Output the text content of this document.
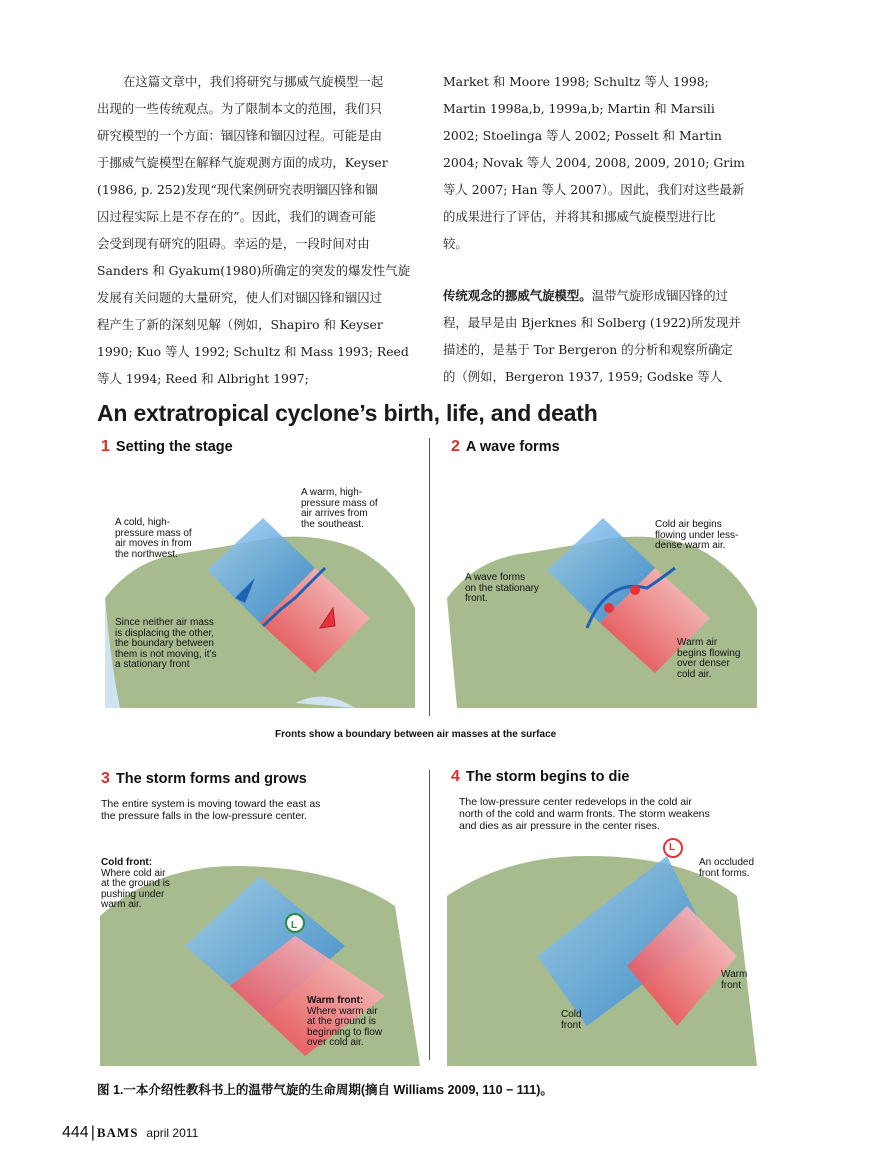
在这篇文章中，我们将研究与挪威气旋模型一起

出现的一些传统观点。为了限制本文的范围，我们只

研究模型的一个方面：锢囚锋和锢囚过程。可能是由

于挪威气旋模型在解释气旋观测方面的成功，Keyser

(1986, p. 252)发现“现代案例研究表明锢囚锋和锢

囚过程实际上是不存在的”。因此，我们的调查可能

会受到现有研究的阻碍。幸运的是，一段时间对由

Sanders 和 Gyakum(1980)所确定的突发的爆发性气旋

发展有关问题的大量研究，使人们对锢囚锋和锢囚过

程产生了新的深刻见解（例如，Shapiro 和 Keyser

1990; Kuo 等人 1992; Schultz 和 Mass 1993; Reed

等人 1994; Reed 和 Albright 1997;

Market 和 Moore 1998; Schultz 等人 1998;

Martin 1998a,b, 1999a,b; Martin 和 Marsili

2002; Stoelinga 等人 2002; Posselt 和 Martin

2004; Novak 等人 2004, 2008, 2009, 2010; Grim

等人 2007; Han 等人 2007）。因此，我们对这些最新

的成果进行了评估，并将其和挪威气旋模型进行比

较。

传统观念的挪威气旋模型。温带气旋形成锢囚锋的过

程，最早是由 Bjerknes 和 Solberg (1922)所发现并

描述的，是基于 Tor Bergeron 的分析和观察所确定

的（例如，Bergeron 1937, 1959; Godske 等人

An extratropical cyclone’s birth, life, and death
1 Setting the stage
A cold, high-
pressure mass of
air moves in from
the northwest.
A warm, high-
pressure mass of
air arrives from
the southeast.
Since neither air mass
is displacing the other,
the boundary between
them is not moving, it’s
a stationary front
2 A wave forms
Cold air begins
flowing under less-
dense warm air.
A wave forms
on the stationary
front.
Warm air
begins flowing
over denser
cold air.
Fronts show a boundary between air masses at the surface
3 The storm forms and grows
The entire system is moving toward the east as
the pressure falls in the low-pressure center.
Cold front:
Where cold air
at the ground is
pushing under
warm air.
Warm front:
Where warm air
at the ground is
beginning to flow
over cold air.
L
4 The storm begins to die
The low-pressure center redevelops in the cold air
north of the cold and warm fronts. The storm weakens
and dies as air pressure in the center rises.
L
An occluded
front forms.
Warm
front
Cold
front
图 1.一本介绍性教科书上的温带气旋的生命周期(摘自 Williams 2009, 110 − 111)。
444 | BAMS april 2011
